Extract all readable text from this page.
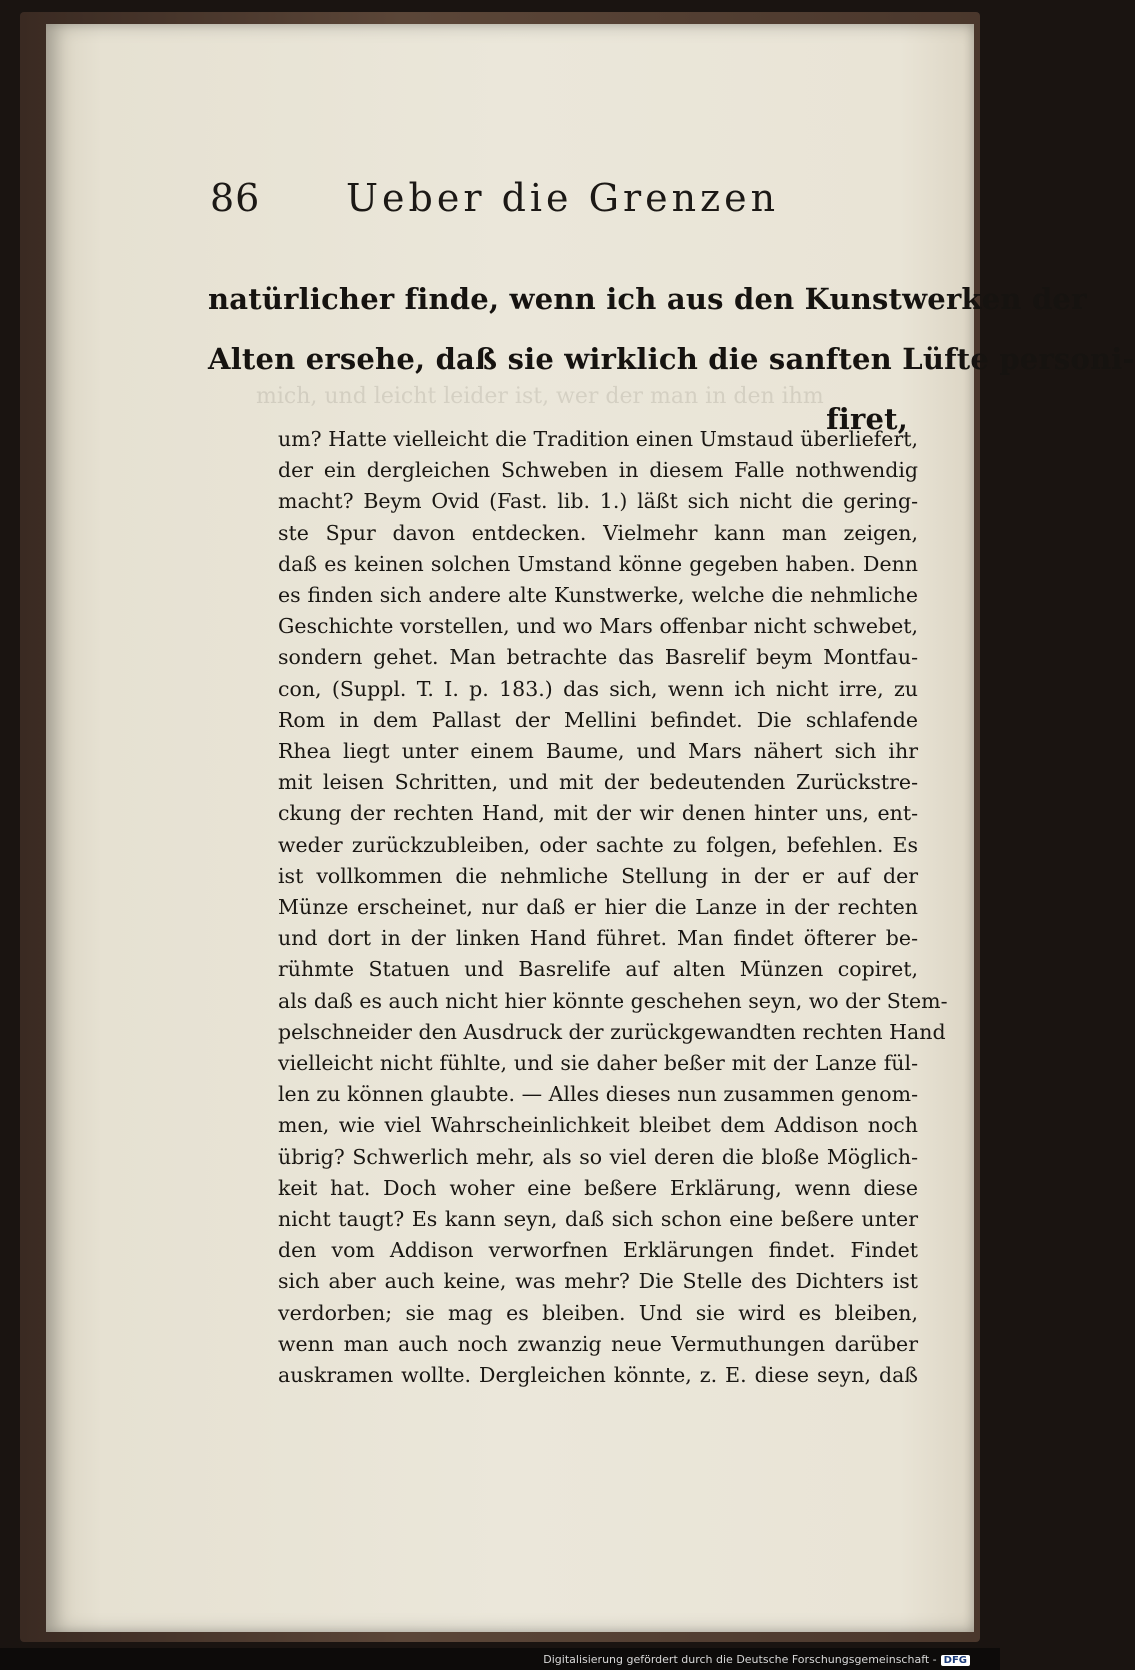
86 Ueber die Grenzen
natürlicher finde, wenn ich aus den Kunstwerken der
Alten ersehe, daß sie wirklich die sanften Lüfte personi-
firet,
mich, und leicht leider ist, wer der man in den ihm
um? Hatte vielleicht die Tradition einen Umstaud überliefert,
der ein dergleichen Schweben in diesem Falle nothwendig
macht? Beym Ovid (Fast. lib. 1.) läßt sich nicht die gering-
ste Spur davon entdecken. Vielmehr kann man zeigen,
daß es keinen solchen Umstand könne gegeben haben. Denn
es finden sich andere alte Kunstwerke, welche die nehmliche
Geschichte vorstellen, und wo Mars offenbar nicht schwebet,
sondern gehet. Man betrachte das Basrelif beym Montfau-
con, (Suppl. T. I. p. 183.) das sich, wenn ich nicht irre, zu
Rom in dem Pallast der Mellini befindet. Die schlafende
Rhea liegt unter einem Baume, und Mars nähert sich ihr
mit leisen Schritten, und mit der bedeutenden Zurückstre-
ckung der rechten Hand, mit der wir denen hinter uns, ent-
weder zurückzubleiben, oder sachte zu folgen, befehlen. Es
ist vollkommen die nehmliche Stellung in der er auf der
Münze erscheinet, nur daß er hier die Lanze in der rechten
und dort in der linken Hand führet. Man findet öfterer be-
rühmte Statuen und Basrelife auf alten Münzen copiret,
als daß es auch nicht hier könnte geschehen seyn, wo der Stem-
pelschneider den Ausdruck der zurückgewandten rechten Hand
vielleicht nicht fühlte, und sie daher beßer mit der Lanze fül-
len zu können glaubte. — Alles dieses nun zusammen genom-
men, wie viel Wahrscheinlichkeit bleibet dem Addison noch
übrig? Schwerlich mehr, als so viel deren die bloße Möglich-
keit hat. Doch woher eine beßere Erklärung, wenn diese
nicht taugt? Es kann seyn, daß sich schon eine beßere unter
den vom Addison verworfnen Erklärungen findet. Findet
sich aber auch keine, was mehr? Die Stelle des Dichters ist
verdorben; sie mag es bleiben. Und sie wird es bleiben,
wenn man auch noch zwanzig neue Vermuthungen darüber
auskramen wollte. Dergleichen könnte, z. E. diese seyn, daß
Digitalisierung gefördert durch die Deutsche Forschungsgemeinschaft - DFG
